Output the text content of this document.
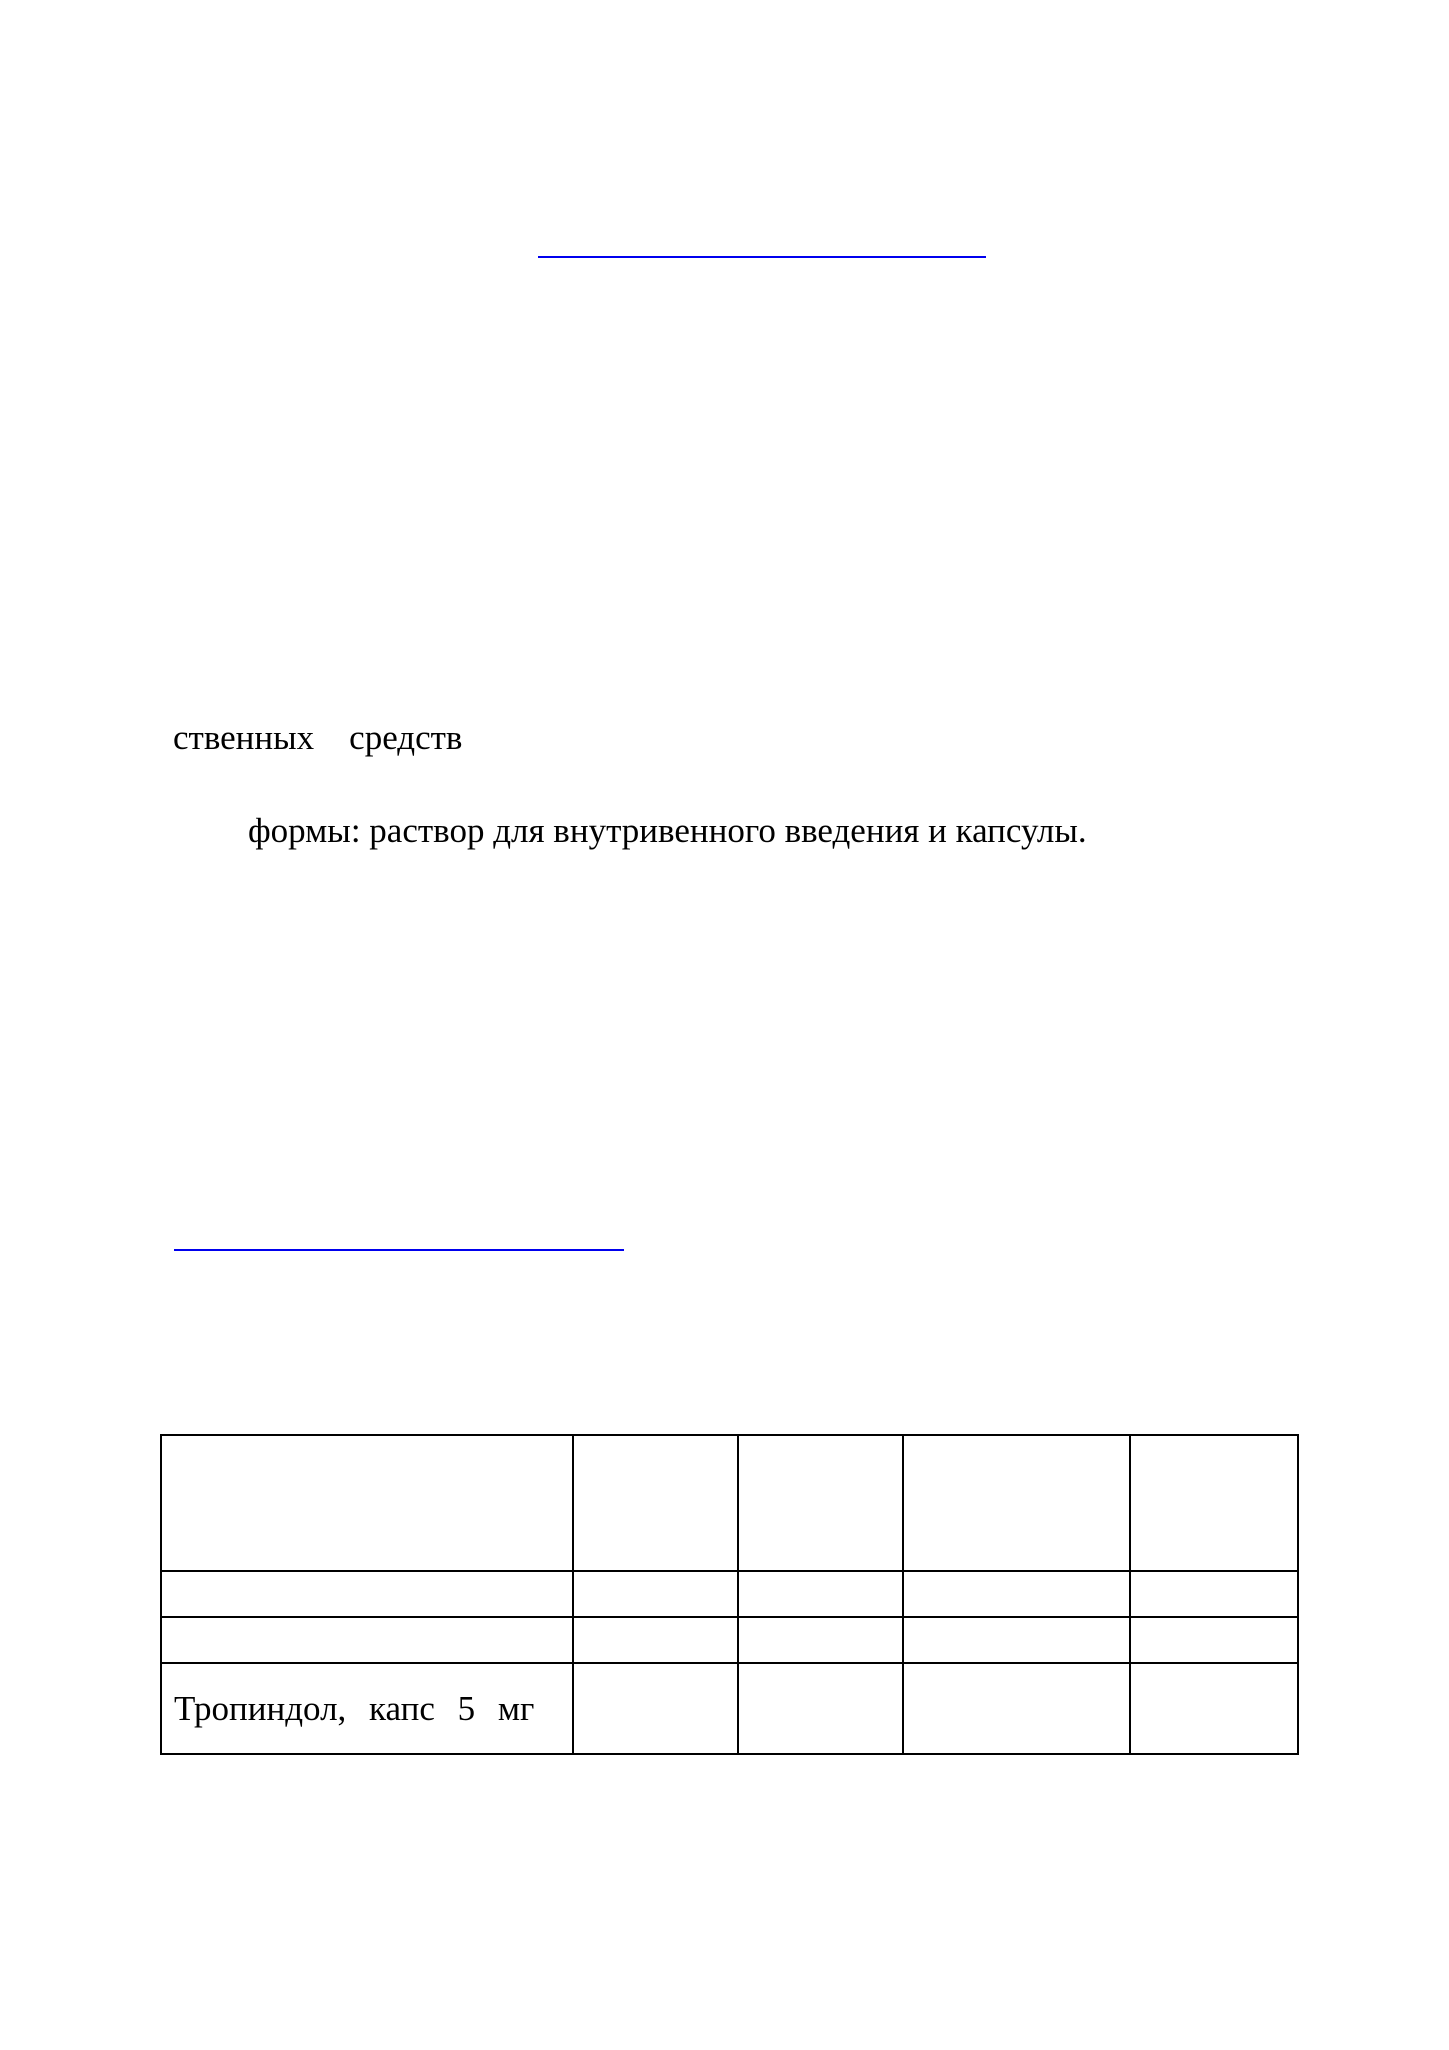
ственных    средств
формы: раствор для внутривенного введения и капсулы.

Тропиндол, капс 5 мг				
